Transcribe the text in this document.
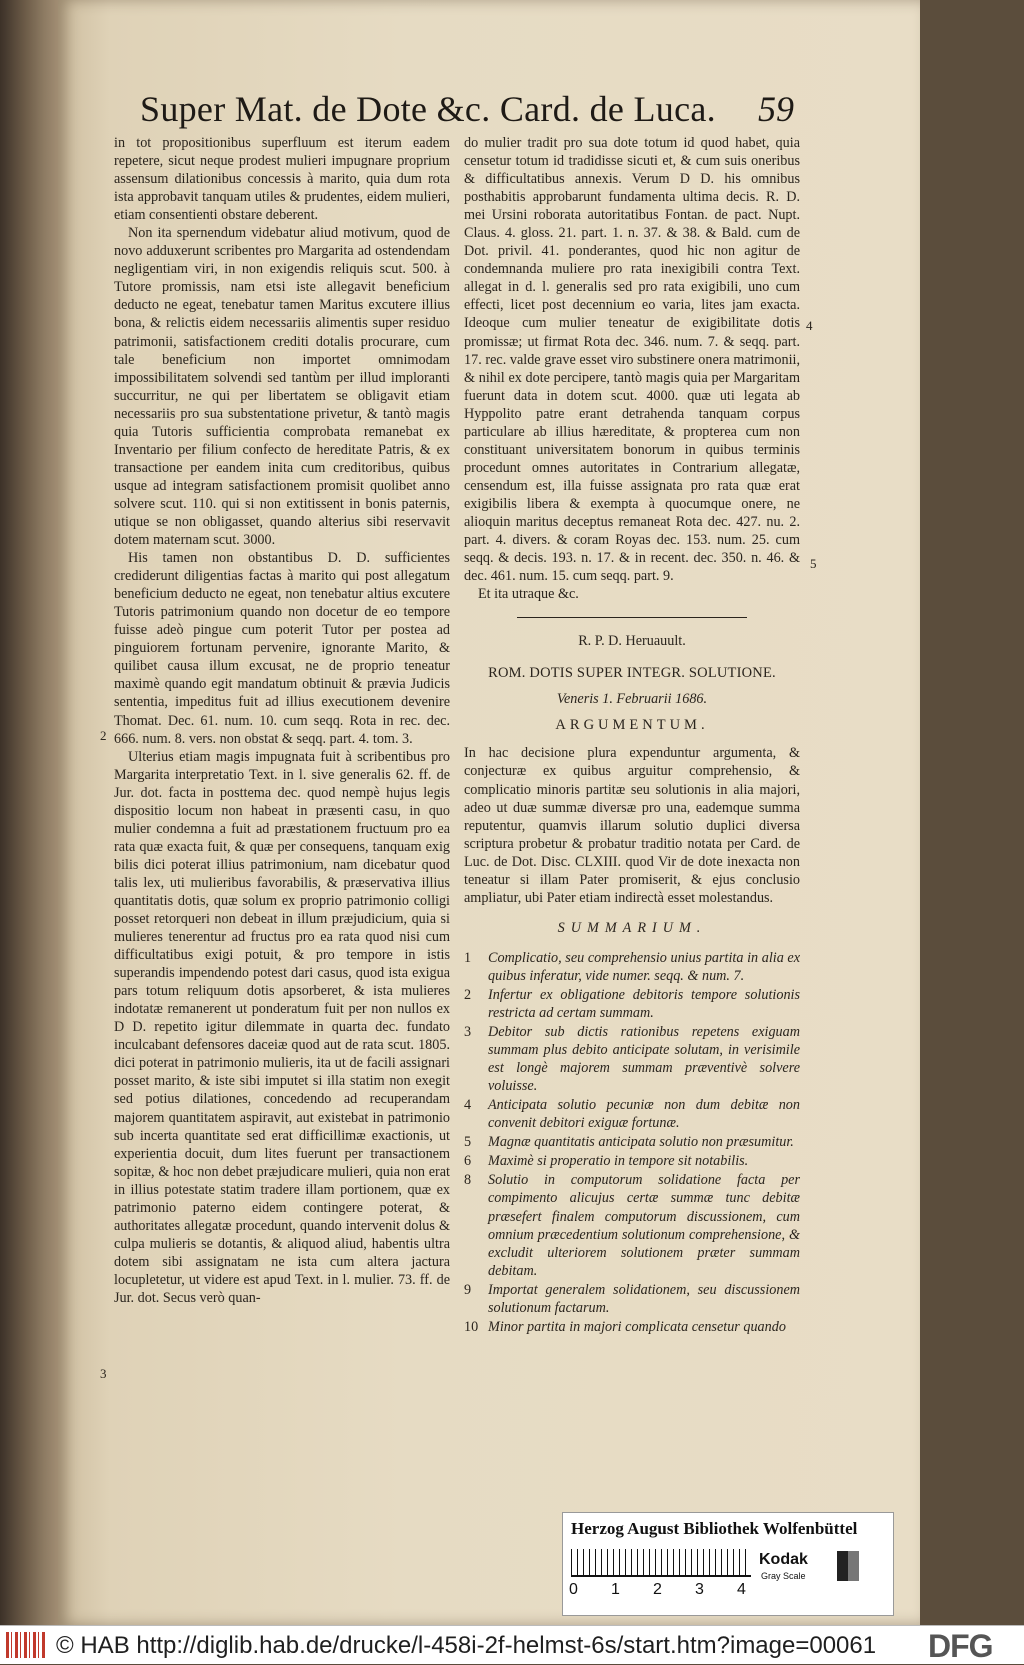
Super Mat. de Dote &c. Card. de Luca.	59

in tot propositionibus superfluum est iterum eadem repetere, sicut neque prodest mulieri impugnare proprium assensum dilationibus concessis à marito, quia dum rota ista approbavit tanquam utiles & prudentes, eidem mulieri, etiam consentienti obstare deberent.

Non ita spernendum videbatur aliud motivum, quod de novo adduxerunt scribentes pro Margarita ad ostendendam negligentiam viri, in non exigendis reliquis scut. 500. à Tutore promissis, nam etsi iste allegavit beneficium deducto ne egeat, tenebatur tamen Maritus excutere illius bona, & relictis eidem necessariis alimentis super residuo patrimonii, satisfactionem crediti dotalis procurare, cum tale beneficium non importet omnimodam impossibilitatem solvendi sed tantùm per illud imploranti succurritur, ne qui per libertatem se obligavit etiam necessariis pro sua substentatione privetur, & tantò magis quia Tutoris sufficientia comprobata remanebat ex Inventario per filium confecto de hereditate Patris, & ex transactione per eandem inita cum creditoribus, quibus usque ad integram satisfactionem promisit quolibet anno solvere scut. 110. qui si non extitissent in bonis paternis, utique se non obligasset, quando alterius sibi reservavit dotem maternam scut. 3000.

His tamen non obstantibus D. D. sufficientes crediderunt diligentias factas à marito qui post allegatum beneficium deducto ne egeat, non tenebatur altius excutere Tutoris patrimonium quando non docetur de eo tempore fuisse adeò pingue cum poterit Tutor per postea ad pinguiorem fortunam pervenire, ignorante Marito, & quilibet causa illum excusat, ne de proprio teneatur maximè quando egit mandatum obtinuit & prævia Judicis sententia, impeditus fuit ad illius executionem devenire Thomat. Dec. 61. num. 10. cum seqq. Rota in rec. dec. 666. num. 8. vers. non obstat & seqq. part. 4. tom. 3.

Ulterius etiam magis impugnata fuit à scribentibus pro Margarita interpretatio Text. in l. sive generalis 62. ff. de Jur. dot. facta in posttema dec. quod nempè hujus legis dispositio locum non habeat in præsenti casu, in quo mulier condemna a fuit ad præstationem fructuum pro ea rata quæ exacta fuit, & quæ per consequens, tanquam exig bilis dici poterat illius patrimonium, nam dicebatur quod talis lex, uti mulieribus favorabilis, & præservativa illius quantitatis dotis, quæ solum ex proprio patrimonio colligi posset retorqueri non debeat in illum præjudicium, quia si mulieres tenerentur ad fructus pro ea rata quod nisi cum difficultatibus exigi potuit, & pro tempore in istis superandis impendendo potest dari casus, quod ista exigua pars totum reliquum dotis apsorberet, & ista mulieres indotatæ remanerent ut ponderatum fuit per non nullos ex D D. repetito igitur dilemmate in quarta dec. fundato inculcabant defensores daceiæ quod aut de rata scut. 1805. dici poterat in patrimonio mulieris, ita ut de facili assignari posset marito, & iste sibi imputet si illa statim non exegit sed potius dilationes, concedendo ad recuperandam majorem quantitatem aspiravit, aut existebat in patrimonio sub incerta quantitate sed erat difficillimæ exactionis, ut experientia docuit, dum lites fuerunt per transactionem sopitæ, & hoc non debet præjudicare mulieri, quia non erat in illius potestate statim tradere illam portionem, quæ ex patrimonio paterno eidem contingere poterat, & authoritates allegatæ procedunt, quando intervenit dolus & culpa mulieris se dotantis, & aliquod aliud, habentis ultra dotem sibi assignatam ne ista cum altera jactura locupletetur, ut videre est apud Text. in l. mulier. 73. ff. de Jur. dot. Secus verò quan-

2
3

do mulier tradit pro sua dote totum id quod habet, quia censetur totum id tradidisse sicuti et, & cum suis oneribus & difficultatibus annexis. Verum D D. his omnibus posthabitis approbarunt fundamenta ultima decis. R. D. mei Ursini roborata autoritatibus Fontan. de pact. Nupt. Claus. 4. gloss. 21. part. 1. n. 37. & 38. & Bald. cum de Dot. privil. 41. ponderantes, quod hic non agitur de condemnanda muliere pro rata inexigibili contra Text. allegat in d. l. generalis sed pro rata exigibili, uno cum effecti, licet post decennium eo varia, lites jam exacta. Ideoque cum mulier teneatur de exigibilitate dotis promissæ; ut firmat Rota dec. 346. num. 7. & seqq. part. 17. rec. valde grave esset viro substinere onera matrimonii, & nihil ex dote percipere, tantò magis quia per Margaritam fuerunt data in dotem scut. 4000. quæ uti legata ab Hyppolito patre erant detrahenda tanquam corpus particulare ab illius hæreditate, & propterea cum non constituant universitatem bonorum in quibus terminis procedunt omnes autoritates in Contrarium allegatæ, censendum est, illa fuisse assignata pro rata quæ erat exigibilis libera & exempta à quocumque onere, ne alioquin maritus deceptus remaneat Rota dec. 427. nu. 2. part. 4. divers. & coram Royas dec. 153. num. 25. cum seqq. & decis. 193. n. 17. & in recent. dec. 350. n. 46. & dec. 461. num. 15. cum seqq. part. 9.

Et ita utraque &c.

R. P. D. Heruauult.
ROM. DOTIS SUPER INTEGR. SOLUTIONE.
Veneris 1. Februarii 1686.
ARGUMENTUM.

In hac decisione plura expenduntur argumenta, & conjecturæ ex quibus arguitur comprehensio, & complicatio minoris partitæ seu solutionis in alia majori, adeo ut duæ summæ diversæ pro una, eademque summa reputentur, quamvis illarum solutio duplici diversa scriptura probetur & probatur traditio notata per Card. de Luc. de Dot. Disc. CLXIII. quod Vir de dote inexacta non teneatur si illam Pater promiserit, & ejus conclusio ampliatur, ubi Pater etiam indirectà esset molestandus.

SUMMARIUM.
1	Complicatio, seu comprehensio unius partita in alia ex quibus inferatur, vide numer. seqq. & num. 7.
2	Infertur ex obligatione debitoris tempore solutionis restricta ad certam summam.
3	Debitor sub dictis rationibus repetens exiguam summam plus debito anticipate solutam, in verisimile est longè majorem summam præventivè solvere voluisse.
4	Anticipata solutio pecuniæ non dum debitæ non convenit debitori exiguæ fortunæ.
5	Magnæ quantitatis anticipata solutio non præsumitur.
6	Maximè si properatio in tempore sit notabilis.
8	Solutio in computorum solidatione facta per compimento alicujus certæ summæ tunc debitæ præsefert finalem computorum discussionem, cum omnium præcedentium solutionum comprehensione, & excludit ulteriorem solutionem præter summam debitam.
9	Importat generalem solidationem, seu discussionem solutionum factarum.
10 Minor partita in majori complicata censetur quando
4
5
Herzog August Bibliothek Wolfenbüttel
0 1 2 3 4
Kodak
Gray Scale
© HAB http://diglib.hab.de/drucke/l-458i-2f-helmst-6s/start.htm?image=00061 DFG
